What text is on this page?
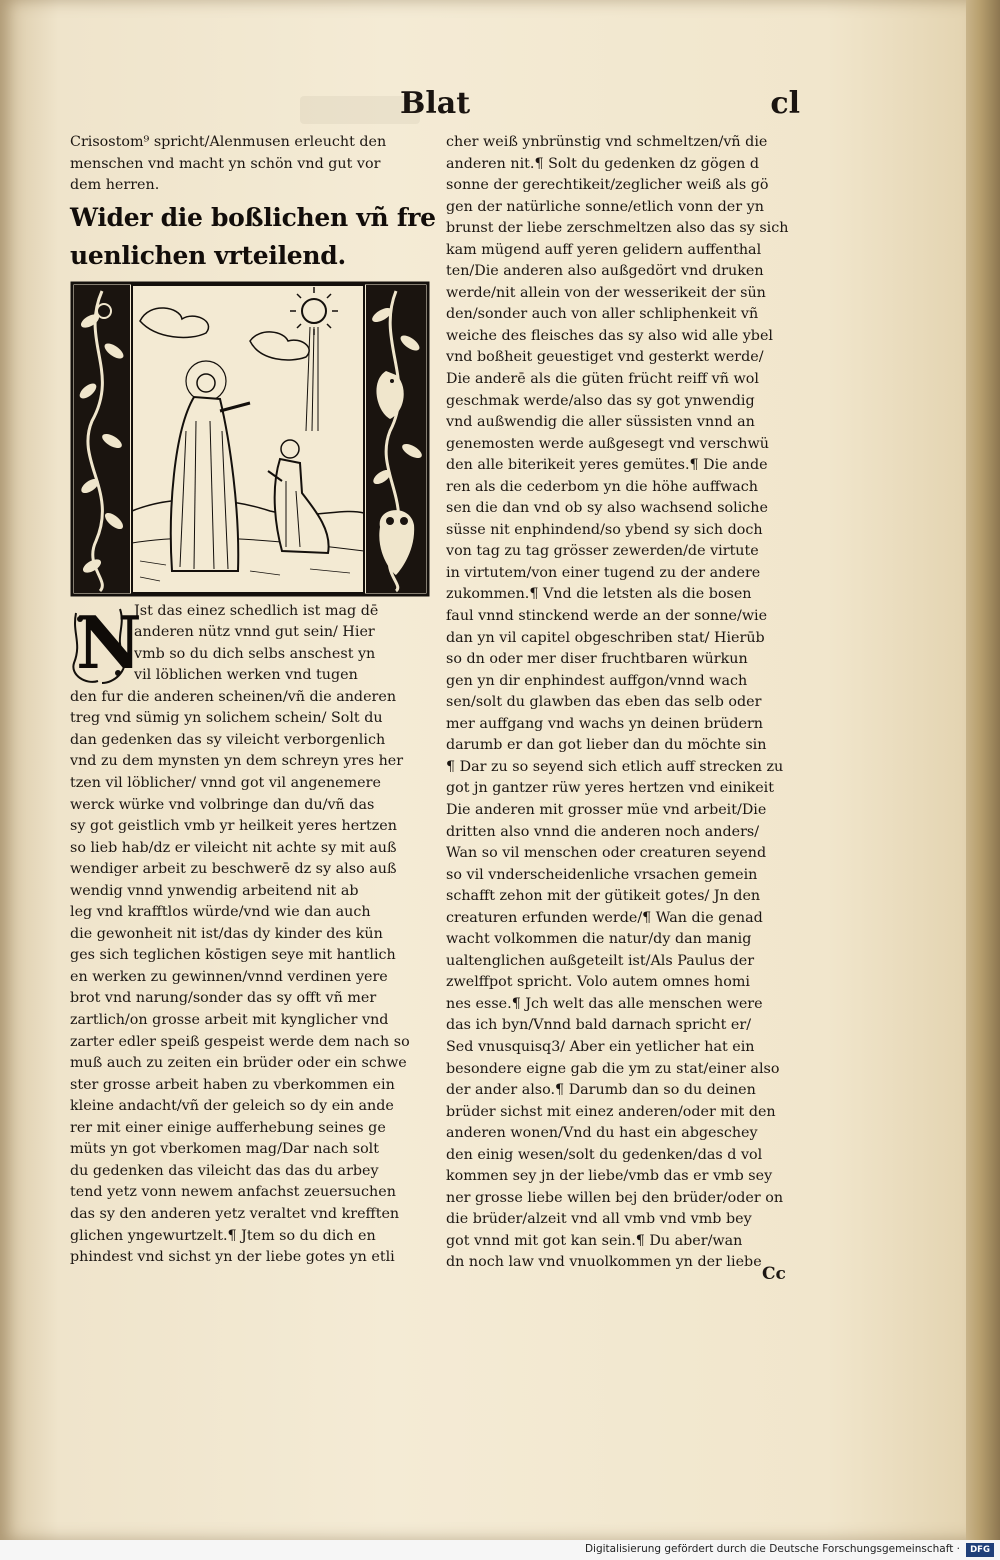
Blat	cl
Crisostom⁹ spricht/Alenmusen erleucht den
menschen vnd macht yn schön vnd gut vor
dem herren.
Wider die boßlichen vñ fre
uenlichen vrteilend.
N
Jst das einez schedlich ist mag dē
anderen nütz vnnd gut sein/ Hier
vmb so du dich selbs anschest yn
vil löblichen werken vnd tugen
den fur die anderen scheinen/vñ die anderen
treg vnd sümig yn solichem schein/ Solt du
dan gedenken das sy vileicht verborgenlich
vnd zu dem mynsten yn dem schreyn yres her
tzen vil löblicher/ vnnd got vil angenemere
werck würke vnd volbringe dan du/vñ das
sy got geistlich vmb yr heilkeit yeres hertzen
so lieb hab/dz er vileicht nit achte sy mit auß
wendiger arbeit zu beschwerē dz sy also auß
wendig vnnd ynwendig arbeitend nit ab
leg vnd krafftlos würde/vnd wie dan auch
die gewonheit nit ist/das dy kinder des kün
ges sich teglichen kōstigen seye mit hantlich
en werken zu gewinnen/vnnd verdinen yere
brot vnd narung/sonder das sy offt vñ mer
zartlich/on grosse arbeit mit kynglicher vnd
zarter edler speiß gespeist werde dem nach so
muß auch zu zeiten ein brüder oder ein schwe
ster grosse arbeit haben zu vberkommen ein
kleine andacht/vñ der geleich so dy ein ande
rer mit einer einige aufferhebung seines ge
müts yn got vberkomen mag/Dar nach solt
du gedenken das vileicht das das du arbey
tend yetz vonn newem anfachst zeuersuchen
das sy den anderen yetz veraltet vnd krefften
glichen yngewurtzelt.¶ Jtem so du dich en
phindest vnd sichst yn der liebe gotes yn etli
cher weiß ynbrünstig vnd schmeltzen/vñ die
anderen nit.¶ Solt du gedenken dz gögen d
sonne der gerechtikeit/zeglicher weiß als gö
gen der natürliche sonne/etlich vonn der yn
brunst der liebe zerschmeltzen also das sy sich
kam mügend auff yeren gelidern auffenthal
ten/Die anderen also außgedört vnd druken
werde/nit allein von der wesserikeit der sün
den/sonder auch von aller schliphenkeit vñ
weiche des fleisches das sy also wid alle ybel
vnd boßheit geuestiget vnd gesterkt werde/
Die anderē als die güten frücht reiff vñ wol
geschmak werde/also das sy got ynwendig
vnd außwendig die aller süssisten vnnd an
genemosten werde außgesegt vnd verschwü
den alle biterikeit yeres gemütes.¶ Die ande
ren als die cederbom yn die höhe auffwach
sen die dan vnd ob sy also wachsend soliche
süsse nit enphindend/so ybend sy sich doch
von tag zu tag grösser zewerden/de virtute
in virtutem/von einer tugend zu der andere
zukommen.¶ Vnd die letsten als die bosen
faul vnnd stinckend werde an der sonne/wie
dan yn vil capitel obgeschriben stat/ Hierūb
so dn oder mer diser fruchtbaren würkun
gen yn dir enphindest auffgon/vnnd wach
sen/solt du glawben das eben das selb oder
mer auffgang vnd wachs yn deinen brüdern
darumb er dan got lieber dan du möchte sin
¶ Dar zu so seyend sich etlich auff strecken zu
got jn gantzer rüw yeres hertzen vnd einikeit
Die anderen mit grosser müe vnd arbeit/Die
dritten also vnnd die anderen noch anders/
Wan so vil menschen oder creaturen seyend
so vil vnderscheidenliche vrsachen gemein
schafft zehon mit der gütikeit gotes/ Jn den
creaturen erfunden werde/¶ Wan die genad
wacht volkommen die natur/dy dan manig
ualtenglichen außgeteilt ist/Als Paulus der
zwelffpot spricht. Volo autem omnes homi
nes esse.¶ Jch welt das alle menschen were
das ich byn/Vnnd bald darnach spricht er/
Sed vnusquisq3/ Aber ein yetlicher hat ein
besondere eigne gab die ym zu stat/einer also
der ander also.¶ Darumb dan so du deinen
brüder sichst mit einez anderen/oder mit den
anderen wonen/Vnd du hast ein abgeschey
den einig wesen/solt du gedenken/das d vol
kommen sey jn der liebe/vmb das er vmb sey
ner grosse liebe willen bej den brüder/oder on
die brüder/alzeit vnd all vmb vnd vmb bey
got vnnd mit got kan sein.¶ Du aber/wan
dn noch law vnd vnuolkommen yn der liebe
Cc
Digitalisierung gefördert durch die Deutsche Forschungsgemeinschaft ·	DFG
